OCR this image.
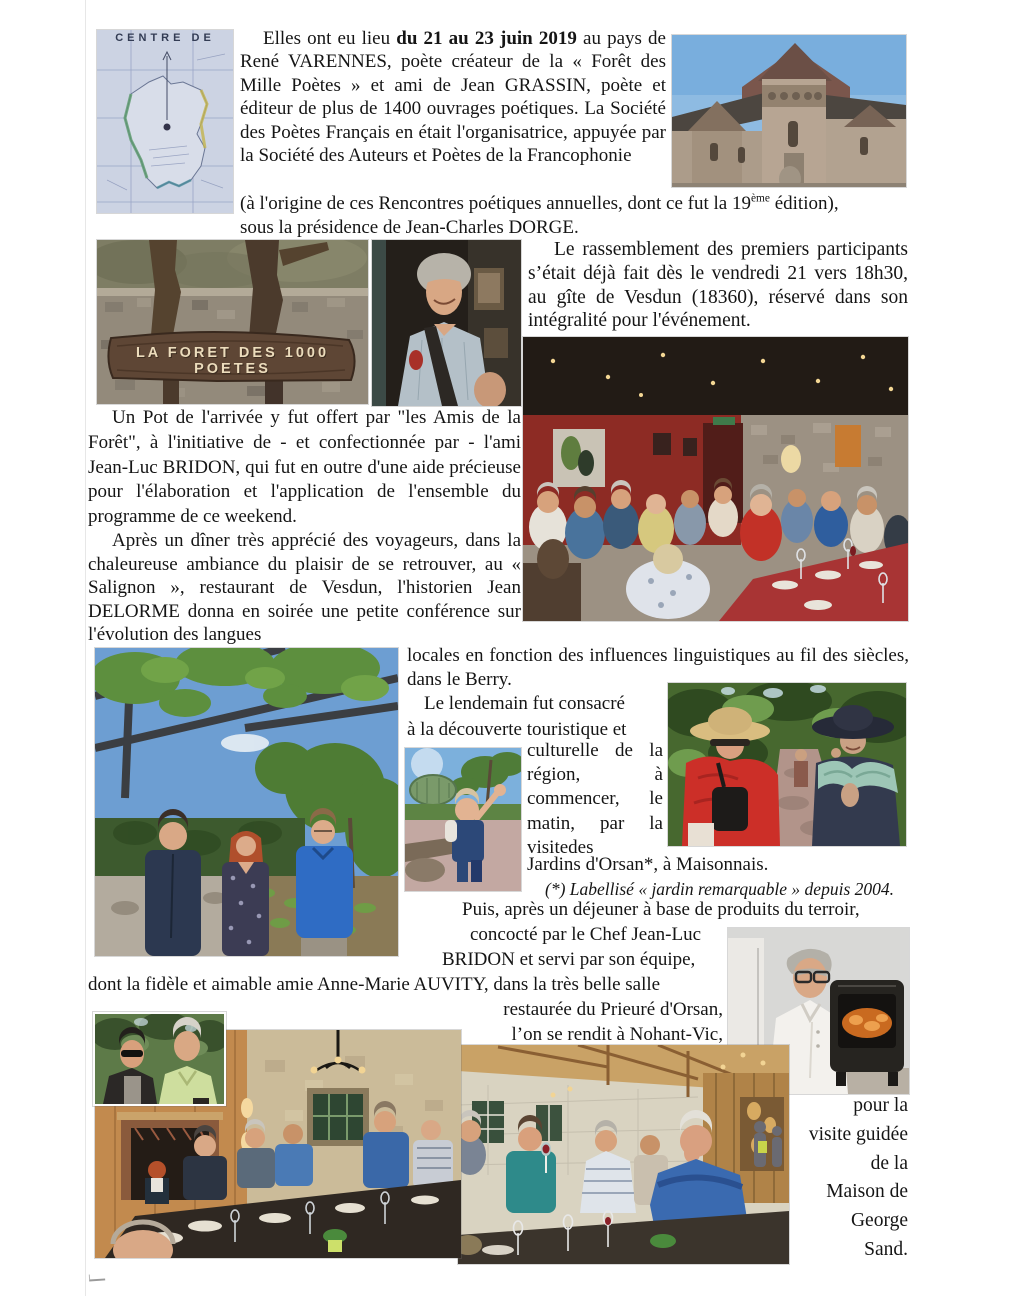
CENTRE DE	Elles ont eu lieu du 21 au 23 juin 2019 au pays de René VARENNES, poète créateur de la « Forêt des Mille Poètes » et ami de Jean GRASSIN, poète et éditeur de plus de 1400 ouvrages poétiques. La Société des Poètes Français en était l'organisatrice, appuyée par la Société des Auteurs et Poètes de la Francophonie

(à l'origine de ces Rencontres poétiques annuelles, dont ce fut la 19ème édition),
sous la présidence de Jean-Charles DORGE.
LA FORET DES 1000 POETES

Le rassemblement des premiers participants s’était déjà fait dès le vendredi 21 vers 18h30, au gîte de Vesdun (18360), réservé dans son intégralité pour l'événement.

Un Pot de l'arrivée y fut offert par "les Amis de la Forêt", à l'initiative de - et confectionnée par - l'ami Jean-Luc BRIDON, qui fut en outre d'une aide précieuse pour l'élaboration et l'application de l'ensemble du programme de ce weekend.

Après un dîner très apprécié des voyageurs, dans la chaleureuse ambiance du plaisir de se retrouver, au « Salignon », restaurant de Vesdun, l'historien Jean DELORME donna en soirée une petite conférence sur l'évolution des langues

locales en fonction des influences linguistiques au fil des siècles, dans le Berry.

Le lendemain fut consacré
à la découverte touristique et

culturelle de la région, à commencer, le matin, par la visitedes

Jardins d'Orsan*, à Maisonnais.

(*) Labellisé « jardin remarquable » depuis 2004.

Puis, après un déjeuner à base de produits du terroir,

concocté par le Chef Jean-Luc

BRIDON et servi par son équipe,

dont la fidèle et aimable amie Anne-Marie AUVITY, dans la très belle salle

restaurée du Prieuré d'Orsan,

l’on se rendit à Nohant-Vic,

pour la
visite guidée
de la
Maison de
George
Sand.
